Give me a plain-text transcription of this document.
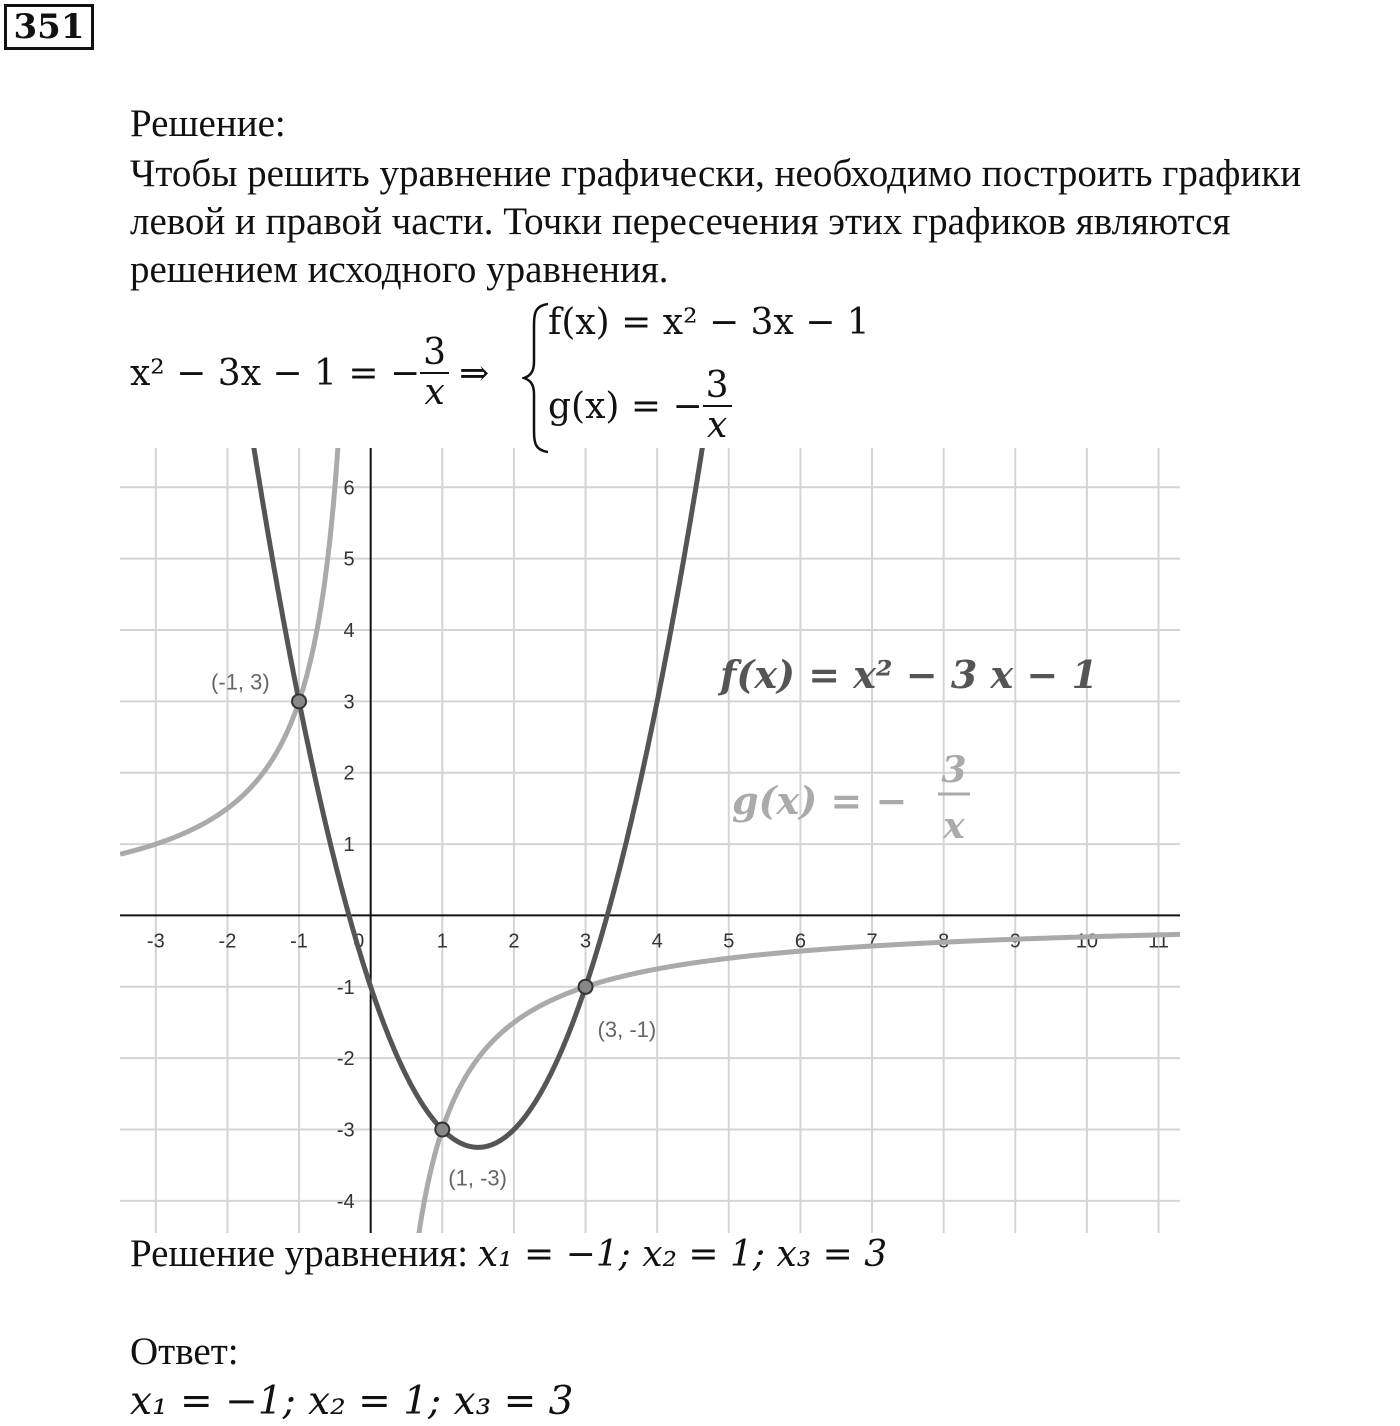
351
Решение:
Чтобы решить уравнение графически, необходимо построить графики
левой и правой части. Точки пересечения этих графиков являются
решением исходного уравнения.
x² − 3x − 1 = − $\frac{3}{x}$ ⇒
f(x) = x² − 3x − 1
g(x) = − $\frac{3}{x}$
-3	-2	-1 0	1	2	3	4	5	6	7	8	9	10	11
-4
-3
-2
-1
1
2
3
4
5
6
(-1, 3)
(1, -3)
(3, -1)
f(x) = x² − 3 x − 1
g(x) = −
3
x
Решение уравнения: x₁ = −1; x₂ = 1; x₃ = 3
Ответ:
x₁ = −1; x₂ = 1; x₃ = 3
